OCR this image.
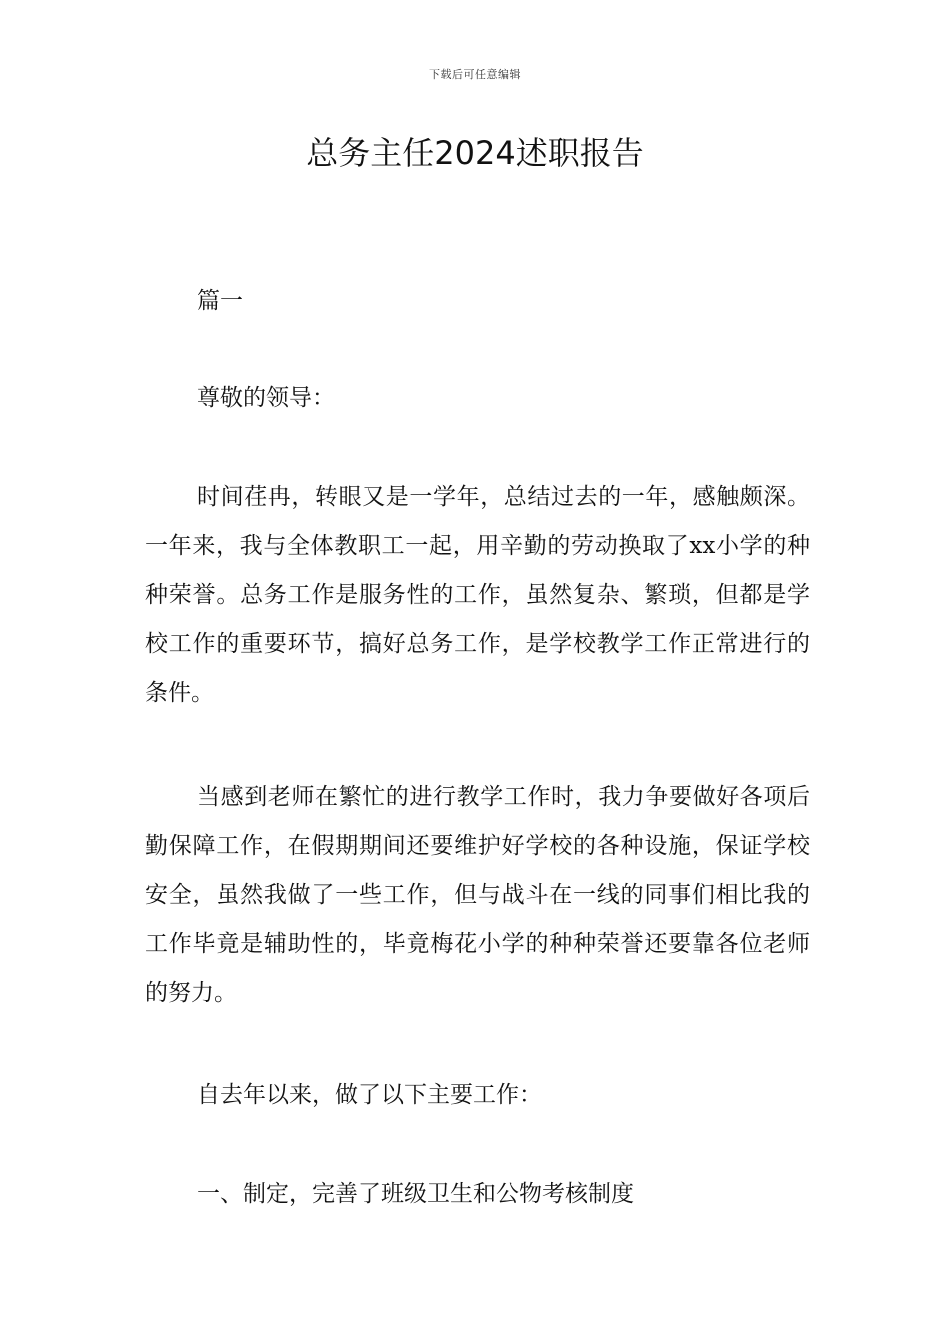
下载后可任意编辑
总务主任2024述职报告

篇一

尊敬的领导：

时间荏冉，转眼又是一学年，总结过去的一年，感触颇深。一年来，我与全体教职工一起，用辛勤的劳动换取了xx小学的种种荣誉。总务工作是服务性的工作，虽然复杂、繁琐，但都是学校工作的重要环节，搞好总务工作，是学校教学工作正常进行的条件。

当感到老师在繁忙的进行教学工作时，我力争要做好各项后勤保障工作，在假期期间还要维护好学校的各种设施，保证学校安全，虽然我做了一些工作，但与战斗在一线的同事们相比我的工作毕竟是辅助性的，毕竟梅花小学的种种荣誉还要靠各位老师的努力。

自去年以来，做了以下主要工作：

一、制定，完善了班级卫生和公物考核制度
